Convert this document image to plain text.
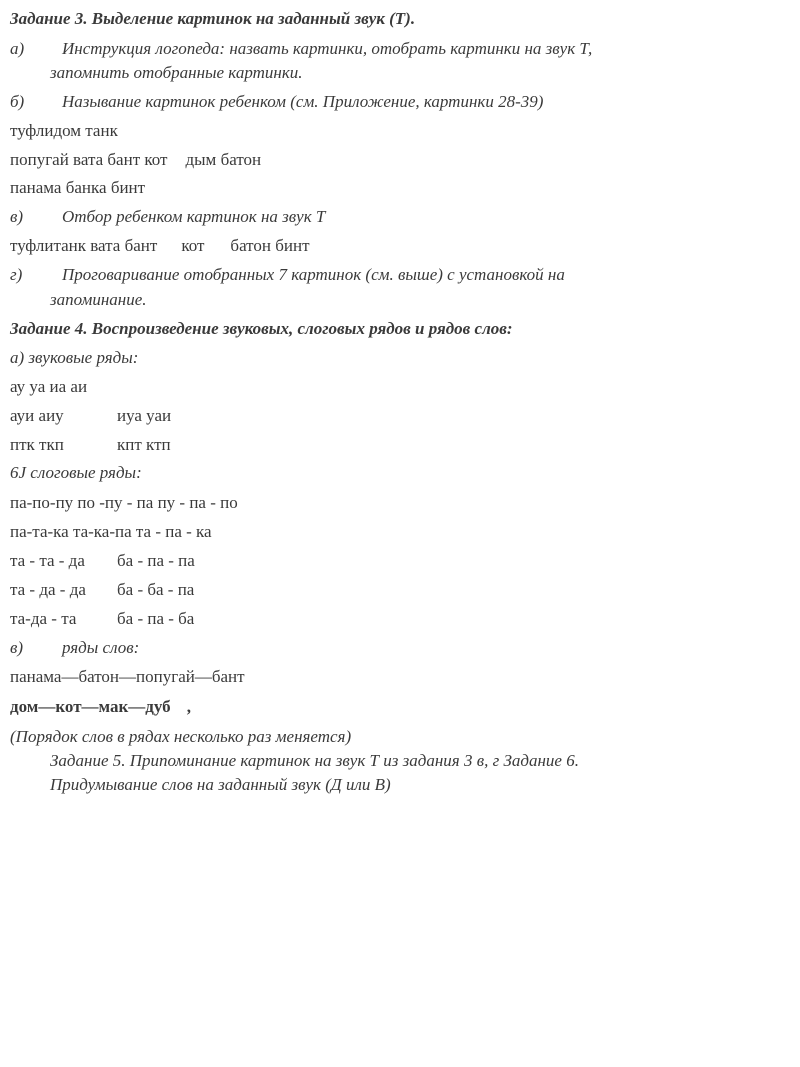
Задание 3. Выделение картинок на заданный звук (Т).
а) Инструкция логопеда: назвать картинки, отобрать картинки на звук Т,
запомнить отобранные картинки.
б) Называние картинок ребенком (см. Приложение, картинки 28-39)
туфлидом танк
попугай вата бант кот дым батон
панама банка бинт
в) Отбор ребенком картинок на звук Т
туфлитанк вата бант кот батон бинт
г) Проговаривание отобранных 7 картинок (см. выше) с установкой на
запоминание.
Задание 4. Воспроизведение звуковых, слоговых рядов и рядов слов:
а) звуковые ряды:
ау уа иа аи
ауи аиу	иуа уаи
птк ткп	кпт ктп
6J слоговые ряды:
па-по-пу по -пу - па пу - па - по
па-та-ка та-ка-па та - па - ка
та - та - да ба - па - па
та - да - да ба - ба - па
та-да - та ба - па - ба
в) ряды слов:
панама—батон—попугай—бант
дом—кот—мак—дуб ,
(Порядок слов в рядах несколько раз меняется)
Задание 5. Припоминание картинок на звук Т из задания 3 в, г Задание 6.
Придумывание слов на заданный звук (Д или В)
